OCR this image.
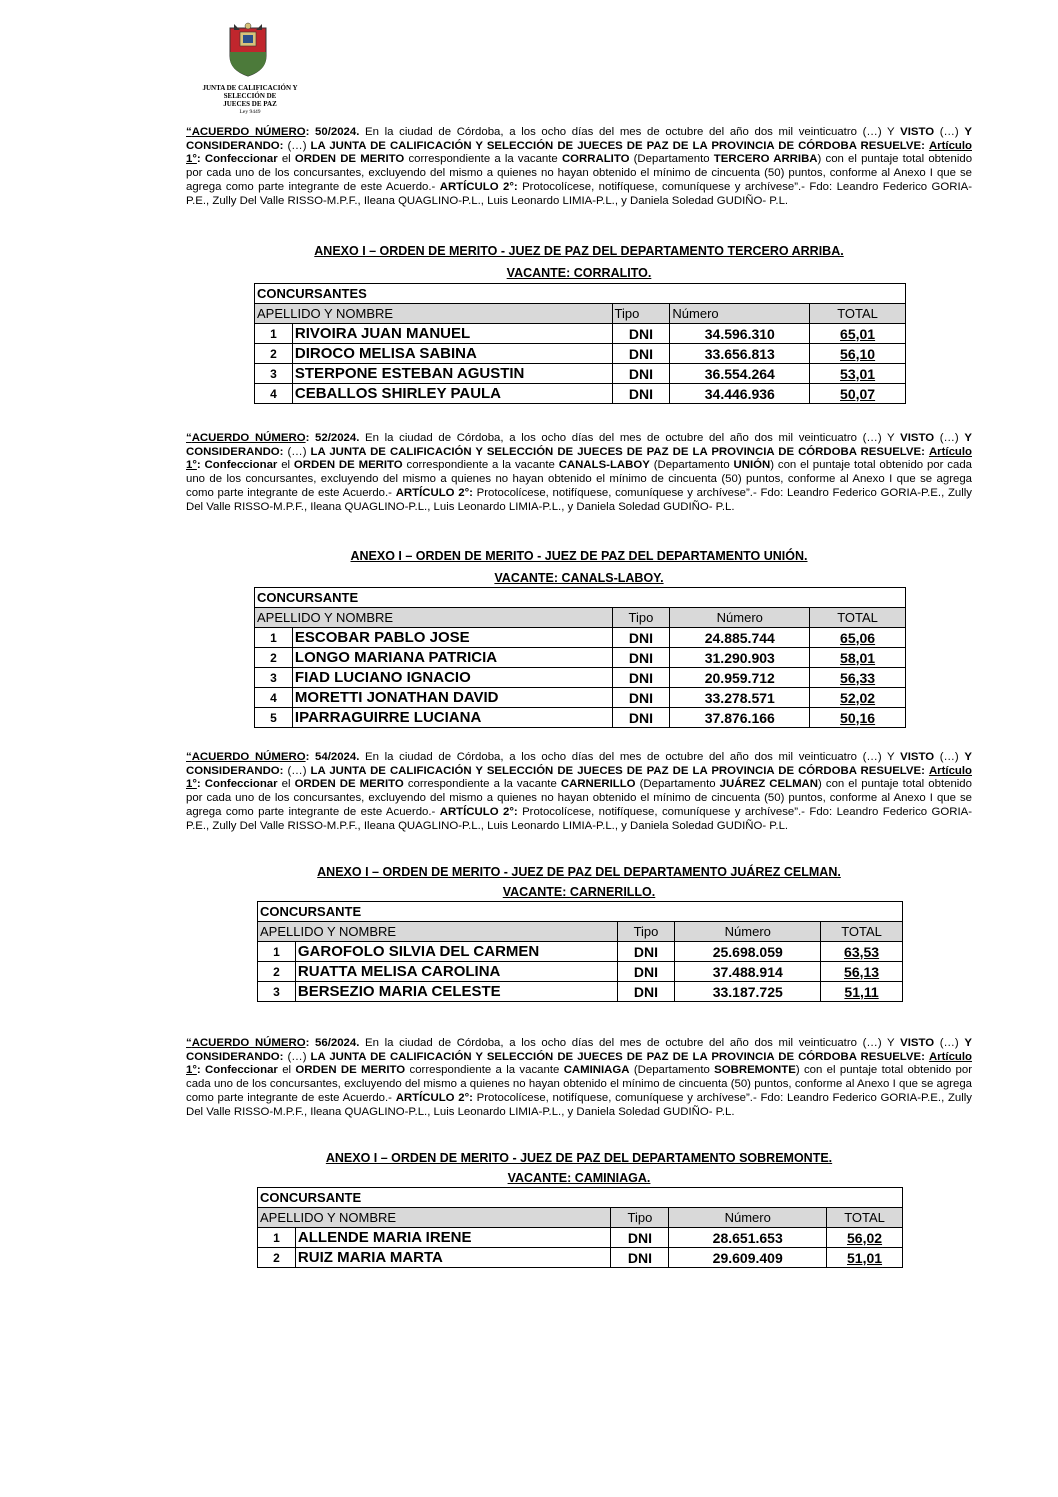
JUNTA DE CALIFICACIÓN Y SELECCIÓN DE
JUECES DE PAZ
Ley 9449
“ACUERDO NÚMERO: 50/2024. En la ciudad de Córdoba, a los ocho días del mes de octubre del año dos mil veinticuatro (…) Y VISTO (…) Y CONSIDERANDO: (…) LA JUNTA DE CALIFICACIÓN Y SELECCIÓN DE JUECES DE PAZ DE LA PROVINCIA DE CÓRDOBA RESUELVE: Artículo 1°: Confeccionar el ORDEN DE MERITO correspondiente a la vacante CORRALITO (Departamento TERCERO ARRIBA) con el puntaje total obtenido por cada uno de los concursantes, excluyendo del mismo a quienes no hayan obtenido el mínimo de cincuenta (50) puntos, conforme al Anexo I que se agrega como parte integrante de este Acuerdo.- ARTÍCULO 2°: Protocolícese, notifíquese, comuníquese y archívese”.- Fdo: Leandro Federico GORIA-P.E., Zully Del Valle RISSO-M.P.F., Ileana QUAGLINO-P.L., Luis Leonardo LIMIA-P.L., y Daniela Soledad GUDIÑO- P.L.
ANEXO I – ORDEN DE MERITO - JUEZ DE PAZ DEL DEPARTAMENTO TERCERO ARRIBA.
VACANTE: CORRALITO.
CONCURSANTES				
APELLIDO Y NOMBRE		Tipo	Número	TOTAL
1	RIVOIRA JUAN MANUEL	DNI	34.596.310	65,01
2	DIROCO MELISA SABINA	DNI	33.656.813	56,10
3	STERPONE ESTEBAN AGUSTIN	DNI	36.554.264	53,01
4	CEBALLOS SHIRLEY PAULA	DNI	34.446.936	50,07
“ACUERDO NÚMERO: 52/2024. En la ciudad de Córdoba, a los ocho días del mes de octubre del año dos mil veinticuatro (…) Y VISTO (…) Y CONSIDERANDO: (…) LA JUNTA DE CALIFICACIÓN Y SELECCIÓN DE JUECES DE PAZ DE LA PROVINCIA DE CÓRDOBA RESUELVE: Artículo 1°: Confeccionar el ORDEN DE MERITO correspondiente a la vacante CANALS-LABOY (Departamento UNIÓN) con el puntaje total obtenido por cada uno de los concursantes, excluyendo del mismo a quienes no hayan obtenido el mínimo de cincuenta (50) puntos, conforme al Anexo I que se agrega como parte integrante de este Acuerdo.- ARTÍCULO 2°: Protocolícese, notifíquese, comuníquese y archívese”.- Fdo: Leandro Federico GORIA-P.E., Zully Del Valle RISSO-M.P.F., Ileana QUAGLINO-P.L., Luis Leonardo LIMIA-P.L., y Daniela Soledad GUDIÑO- P.L.
ANEXO I – ORDEN DE MERITO - JUEZ DE PAZ DEL DEPARTAMENTO UNIÓN.
VACANTE: CANALS-LABOY.
CONCURSANTE				
APELLIDO Y NOMBRE		Tipo	Número	TOTAL
1	ESCOBAR PABLO JOSE	DNI	24.885.744	65,06
2	LONGO MARIANA PATRICIA	DNI	31.290.903	58,01
3	FIAD LUCIANO IGNACIO	DNI	20.959.712	56,33
4	MORETTI JONATHAN DAVID	DNI	33.278.571	52,02
5	IPARRAGUIRRE LUCIANA	DNI	37.876.166	50,16
“ACUERDO NÚMERO: 54/2024. En la ciudad de Córdoba, a los ocho días del mes de octubre del año dos mil veinticuatro (…) Y VISTO (…) Y CONSIDERANDO: (…) LA JUNTA DE CALIFICACIÓN Y SELECCIÓN DE JUECES DE PAZ DE LA PROVINCIA DE CÓRDOBA RESUELVE: Artículo 1°: Confeccionar el ORDEN DE MERITO correspondiente a la vacante CARNERILLO (Departamento JUÁREZ CELMAN) con el puntaje total obtenido por cada uno de los concursantes, excluyendo del mismo a quienes no hayan obtenido el mínimo de cincuenta (50) puntos, conforme al Anexo I que se agrega como parte integrante de este Acuerdo.- ARTÍCULO 2°: Protocolícese, notifíquese, comuníquese y archívese”.- Fdo: Leandro Federico GORIA-P.E., Zully Del Valle RISSO-M.P.F., Ileana QUAGLINO-P.L., Luis Leonardo LIMIA-P.L., y Daniela Soledad GUDIÑO- P.L.
ANEXO I – ORDEN DE MERITO - JUEZ DE PAZ DEL DEPARTAMENTO JUÁREZ CELMAN.
VACANTE: CARNERILLO.
CONCURSANTE				
APELLIDO Y NOMBRE		Tipo	Número	TOTAL
1	GAROFOLO SILVIA DEL CARMEN	DNI	25.698.059	63,53
2	RUATTA MELISA CAROLINA	DNI	37.488.914	56,13
3	BERSEZIO MARIA CELESTE	DNI	33.187.725	51,11
“ACUERDO NÚMERO: 56/2024. En la ciudad de Córdoba, a los ocho días del mes de octubre del año dos mil veinticuatro (…) Y VISTO (…) Y CONSIDERANDO: (…) LA JUNTA DE CALIFICACIÓN Y SELECCIÓN DE JUECES DE PAZ DE LA PROVINCIA DE CÓRDOBA RESUELVE: Artículo 1°: Confeccionar el ORDEN DE MERITO correspondiente a la vacante CAMINIAGA (Departamento SOBREMONTE) con el puntaje total obtenido por cada uno de los concursantes, excluyendo del mismo a quienes no hayan obtenido el mínimo de cincuenta (50) puntos, conforme al Anexo I que se agrega como parte integrante de este Acuerdo.- ARTÍCULO 2°: Protocolícese, notifíquese, comuníquese y archívese”.- Fdo: Leandro Federico GORIA-P.E., Zully Del Valle RISSO-M.P.F., Ileana QUAGLINO-P.L., Luis Leonardo LIMIA-P.L., y Daniela Soledad GUDIÑO- P.L.
ANEXO I – ORDEN DE MERITO - JUEZ DE PAZ DEL DEPARTAMENTO SOBREMONTE.
VACANTE: CAMINIAGA.
CONCURSANTE				
APELLIDO Y NOMBRE		Tipo	Número	TOTAL
1	ALLENDE MARIA IRENE	DNI	28.651.653	56,02
2	RUIZ MARIA MARTA	DNI	29.609.409	51,01
